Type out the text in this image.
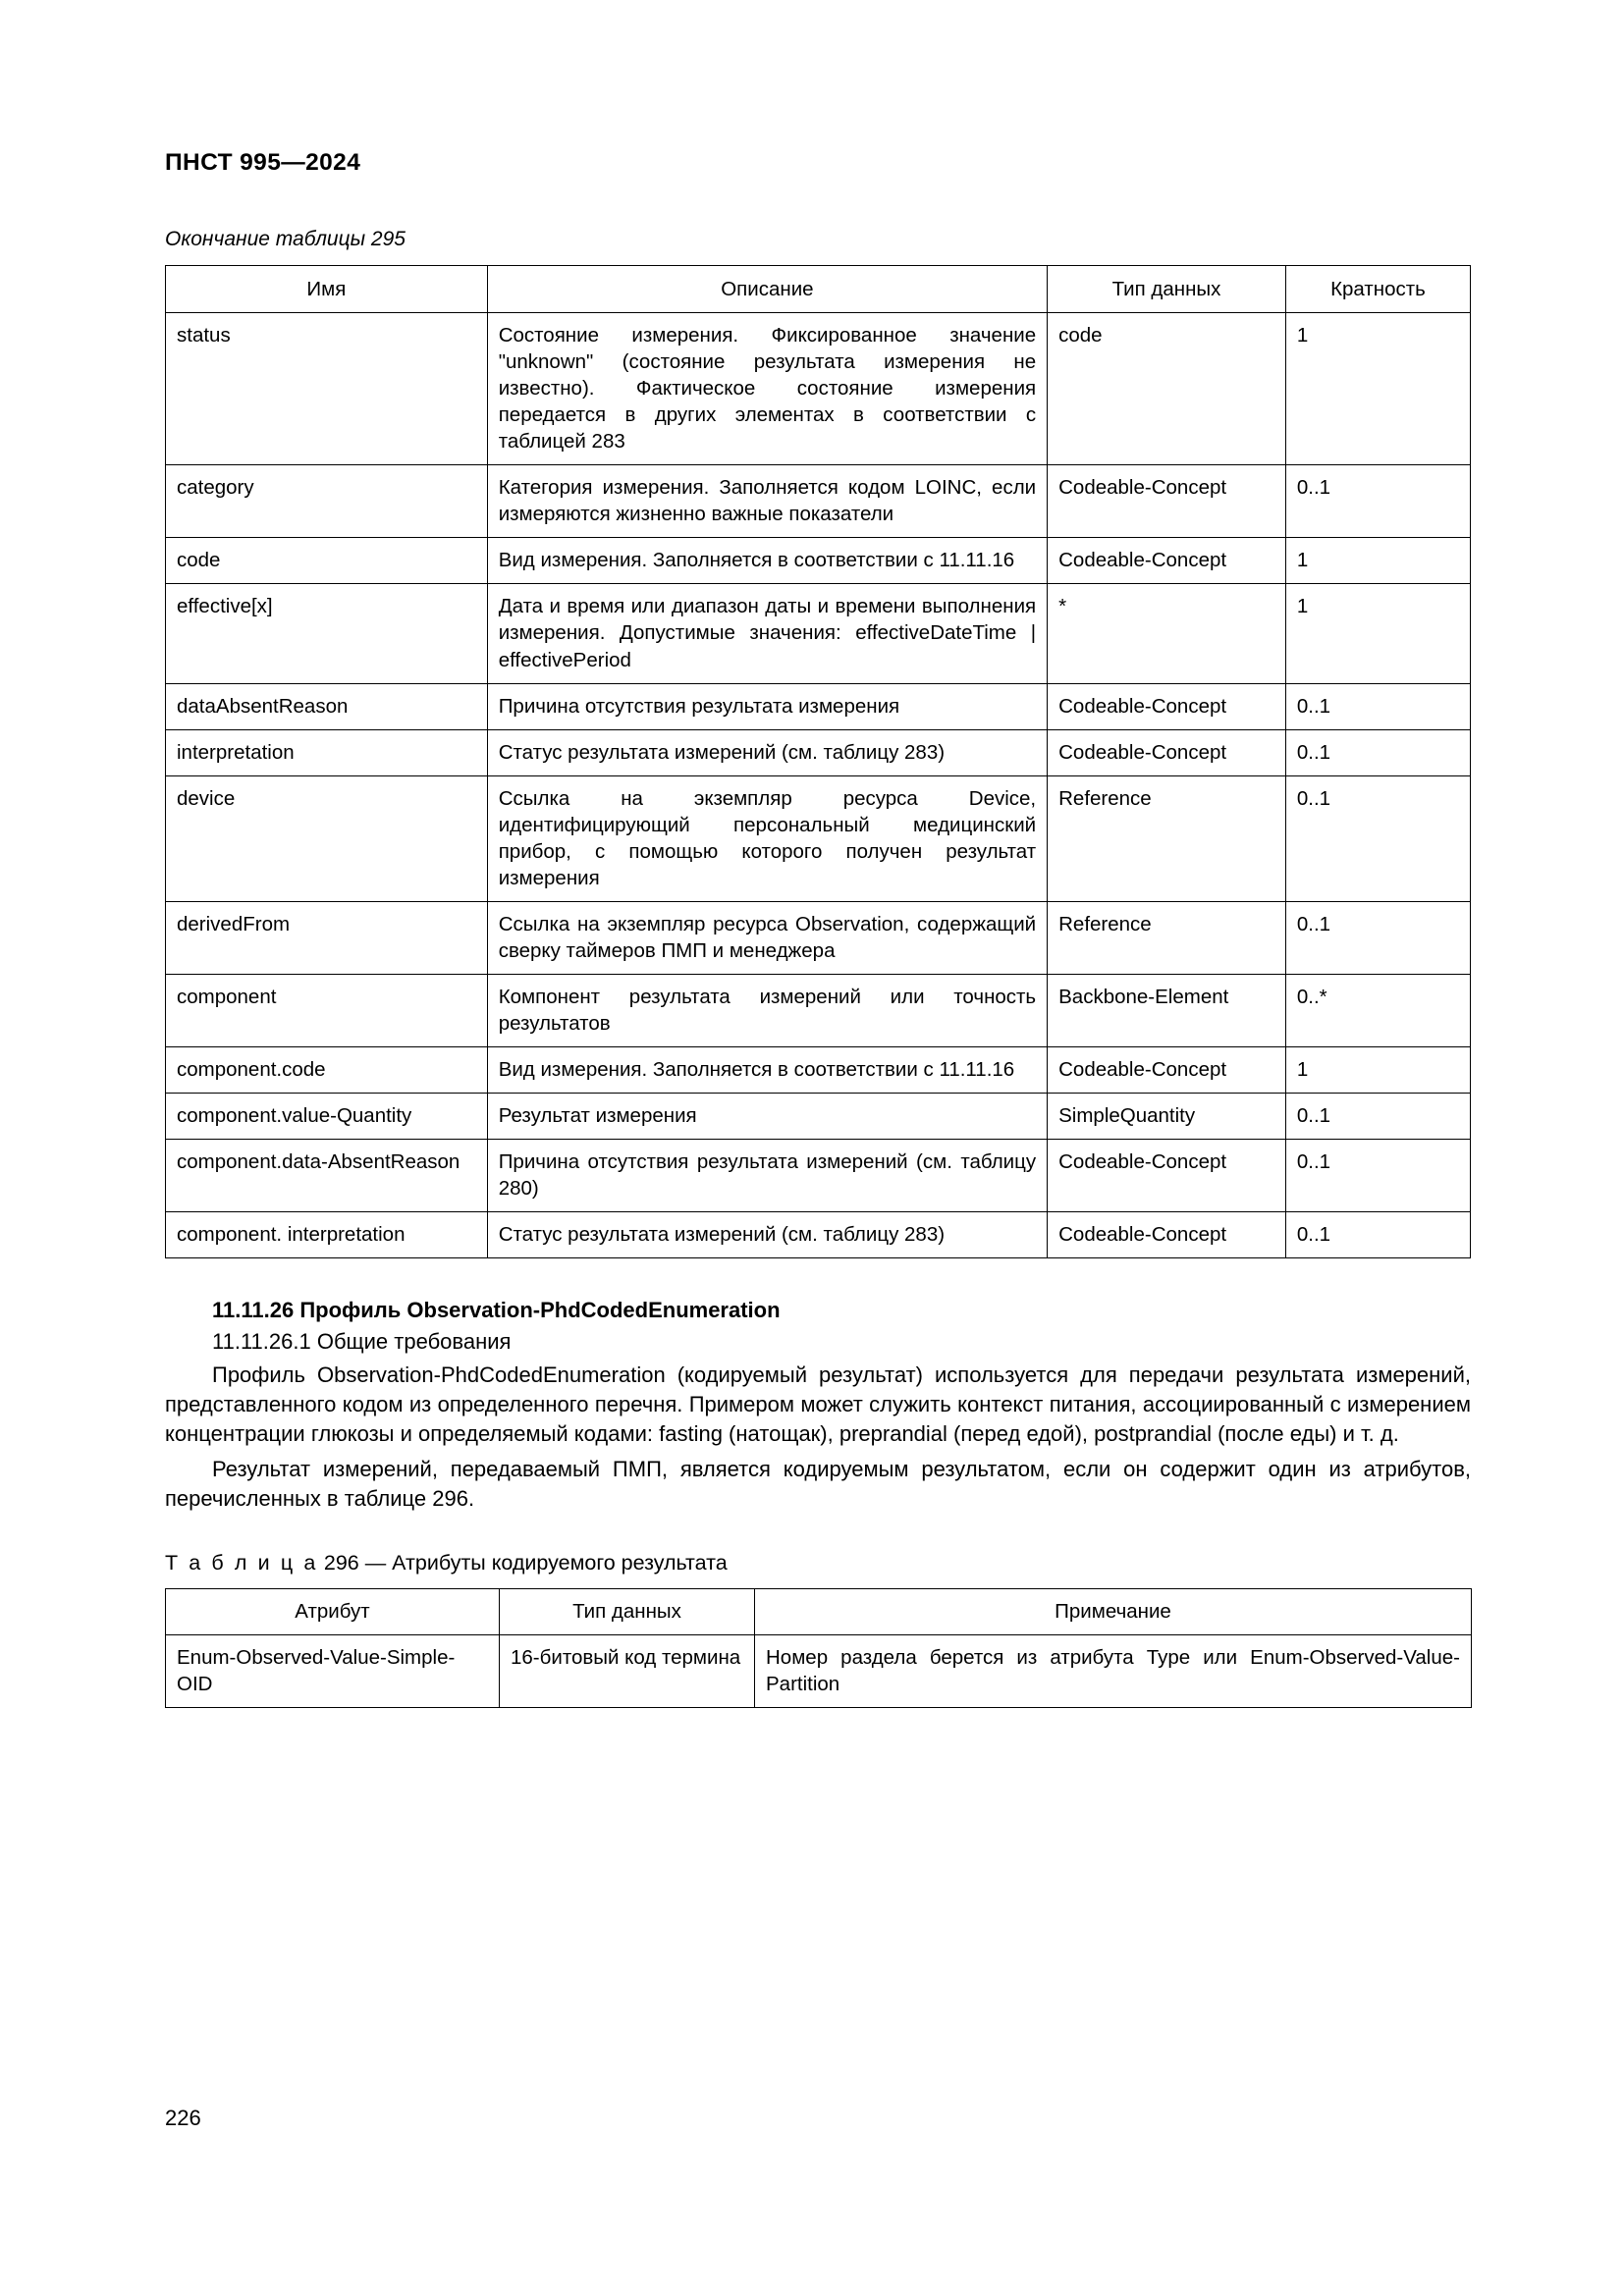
ПНСТ 995—2024
Окончание таблицы 295
Имя	Описание	Тип данных	Кратность
status	Состояние измерения. Фиксированное значение "unknown" (состояние результата измерения не известно). Фактическое состояние измерения передается в других элементах в соответствии с таблицей 283	code	1
category	Категория измерения. Заполняется кодом LOINC, если измеряются жизненно важные показатели	Codeable-Concept	0..1
code	Вид измерения. Заполняется в соответствии с 11.11.16	Codeable-Concept	1
effective[x]	Дата и время или диапазон даты и времени выполнения измерения. Допустимые значения: effectiveDateTime | effectivePeriod	*	1
dataAbsentReason	Причина отсутствия результата измерения	Codeable-Concept	0..1
interpretation	Статус результата измерений (см. таблицу 283)	Codeable-Concept	0..1
device	Ссылка на экземпляр ресурса Device, идентифицирующий персональный медицинский прибор, с помощью которого получен результат измерения	Reference	0..1
derivedFrom	Ссылка на экземпляр ресурса Observation, содержащий сверку таймеров ПМП и менеджера	Reference	0..1
component	Компонент результата измерений или точность результатов	Backbone-Element	0..*
component.code	Вид измерения. Заполняется в соответствии с 11.11.16	Codeable-Concept	1
component.value-Quantity	Результат измерения	SimpleQuantity	0..1
component.data-AbsentReason	Причина отсутствия результата измерений (см. таблицу 280)	Codeable-Concept	0..1
component. interpretation	Статус результата измерений (см. таблицу 283)	Codeable-Concept	0..1
11.11.26 Профиль Observation-PhdCodedEnumeration
11.11.26.1 Общие требования

Профиль Observation-PhdCodedEnumeration (кодируемый результат) используется для передачи результата измерений, представленного кодом из определенного перечня. Примером может служить контекст питания, ассоциированный с измерением концентрации глюкозы и определяемый кодами: fasting (натощак), preprandial (перед едой), postprandial (после еды) и т. д.

Результат измерений, передаваемый ПМП, является кодируемым результатом, если он содержит один из атрибутов, перечисленных в таблице 296.

Т а б л и ц а 296 — Атрибуты кодируемого результата
Атрибут	Тип данных	Примечание
Enum-Observed-Value-Simple-OID	16-битовый код термина	Номер раздела берется из атрибута Type или Enum-Observed-Value-Partition
226
